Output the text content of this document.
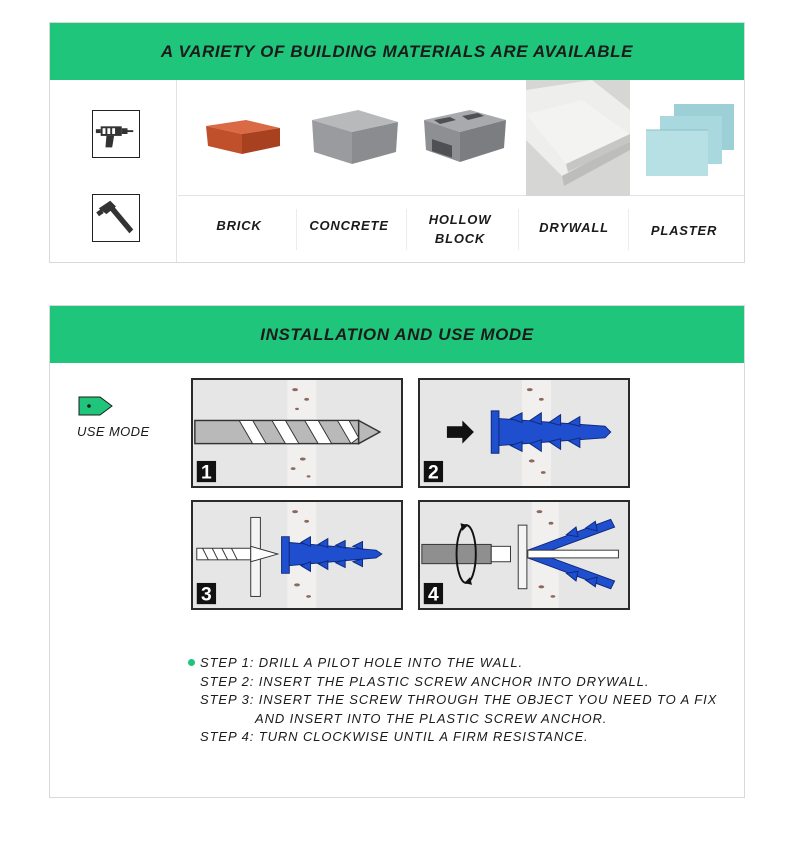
A VARIETY OF BUILDING MATERIALS ARE AVAILABLE
BRICK	CONCRETE	HOLLOW
BLOCK
DRYWALL	PLASTER
INSTALLATION AND USE MODE
USE MODE
1	2
3	4
STEP 1: DRILL A PILOT HOLE INTO THE WALL.
STEP 2: INSERT THE PLASTIC SCREW ANCHOR INTO DRYWALL.
STEP 3: INSERT THE SCREW THROUGH THE OBJECT YOU NEED TO A FIX
AND INSERT INTO THE PLASTIC SCREW ANCHOR.
STEP 4: TURN CLOCKWISE UNTIL A FIRM RESISTANCE.
